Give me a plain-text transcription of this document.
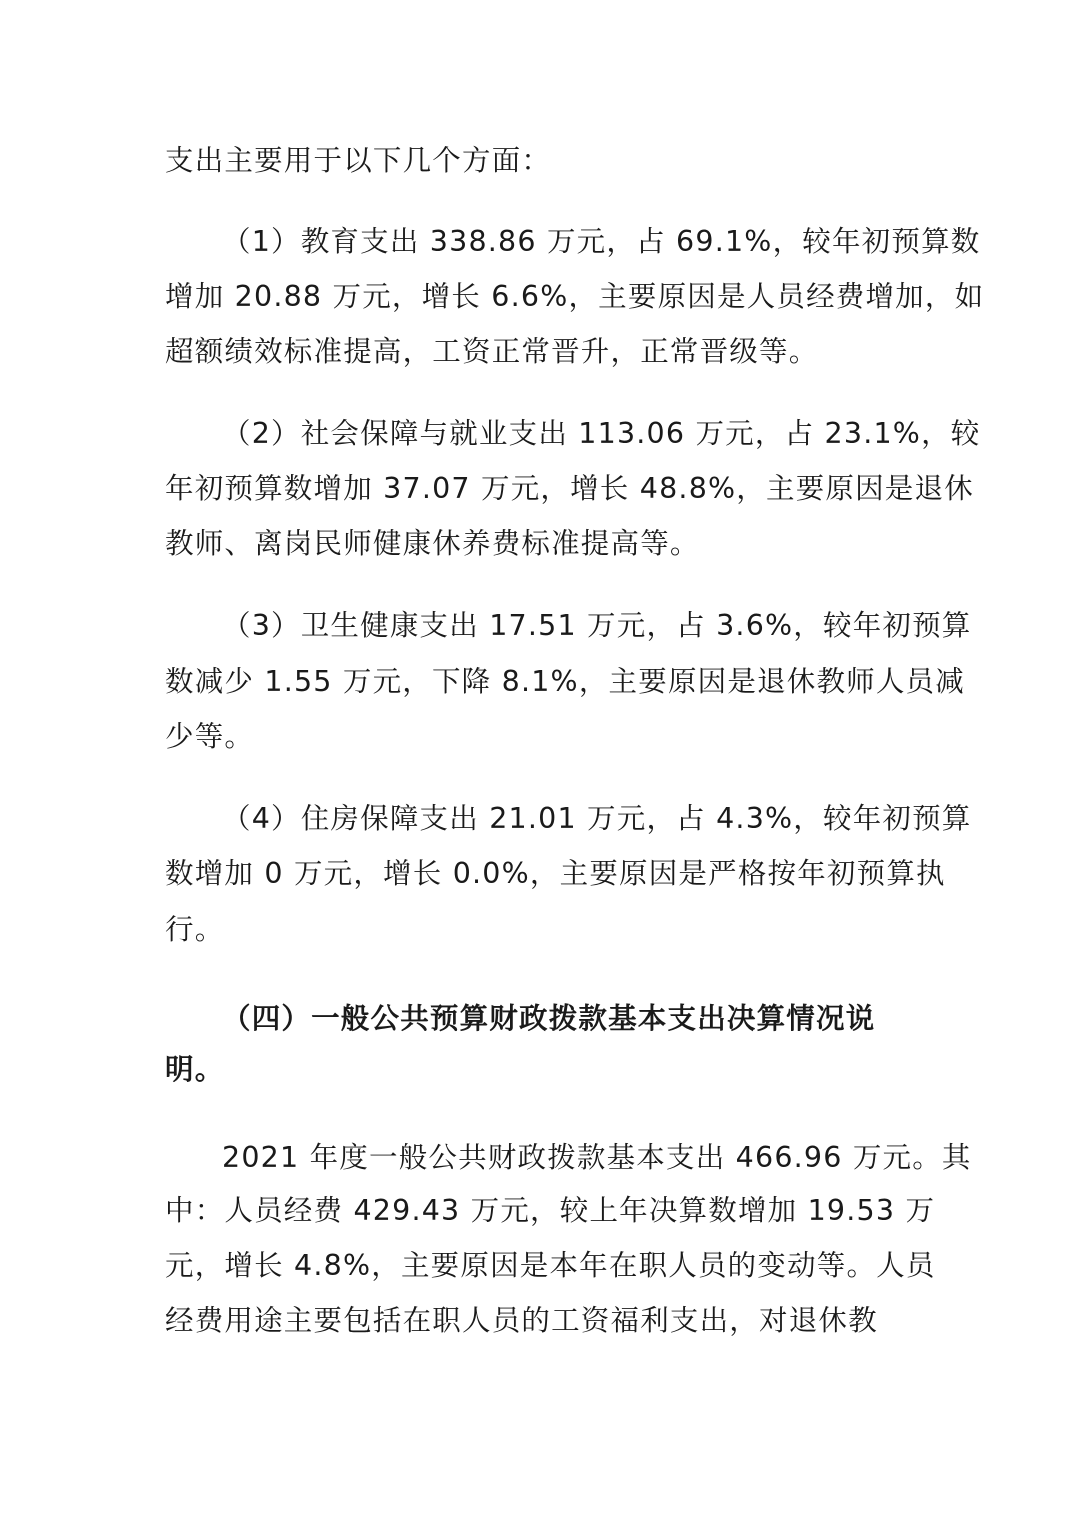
支出主要用于以下几个方面：
（1）教育支出 338.86 万元，占 69.1%，较年初预算数
增加 20.88 万元，增长 6.6%，主要原因是人员经费增加，如
超额绩效标准提高，工资正常晋升，正常晋级等。
（2）社会保障与就业支出 113.06 万元，占 23.1%，较
年初预算数增加 37.07 万元，增长 48.8%，主要原因是退休
教师、离岗民师健康休养费标准提高等。
（3）卫生健康支出 17.51 万元，占 3.6%，较年初预算
数减少 1.55 万元，下降 8.1%，主要原因是退休教师人员减
少等。
（4）住房保障支出 21.01 万元，占 4.3%，较年初预算
数增加 0 万元，增长 0.0%，主要原因是严格按年初预算执
行。
（四）一般公共预算财政拨款基本支出决算情况说
明。
2021 年度一般公共财政拨款基本支出 466.96 万元。其
中：人员经费 429.43 万元，较上年决算数增加 19.53 万
元，增长 4.8%，主要原因是本年在职人员的变动等。人员
经费用途主要包括在职人员的工资福利支出，对退休教
